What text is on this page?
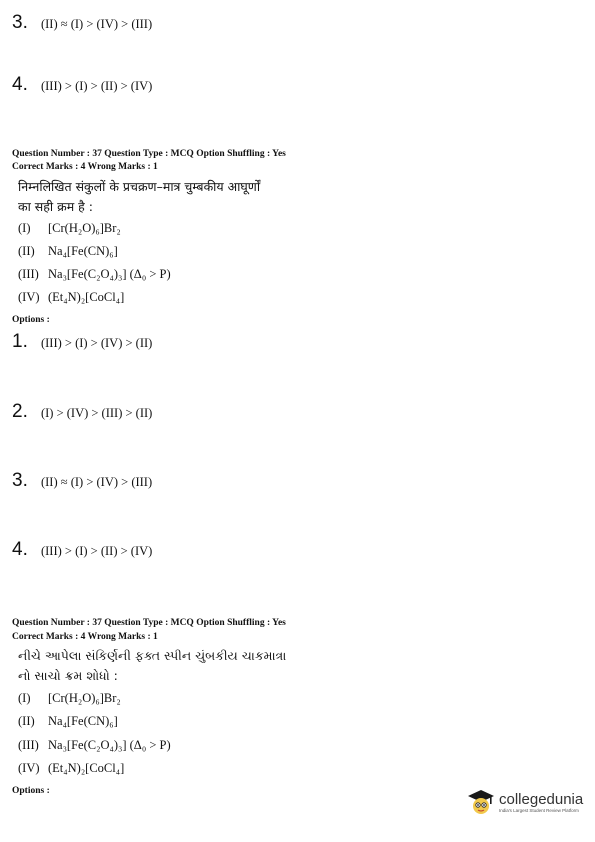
3. (II) ≈ (I) > (IV) > (III)
4. (III) > (I) > (II) > (IV)
Question Number : 37 Question Type : MCQ Option Shuffling : Yes
Correct Marks : 4 Wrong Marks : 1
निम्नलिखित संकुलों के प्रचक्रण–मात्र चुम्बकीय आघूर्णों
का सही क्रम है :
(I) [Cr(H₂O)₆]Br₂
(II) Na₄[Fe(CN)₆]
(III) Na₃[Fe(C₂O₄)₃] (Δ₀ > P)
(IV) (Et₄N)₂[CoCl₄]
Options :
1. (III) > (I) > (IV) > (II)
2. (I) > (IV) > (III) > (II)
3. (II) ≈ (I) > (IV) > (III)
4. (III) > (I) > (II) > (IV)
Question Number : 37 Question Type : MCQ Option Shuffling : Yes
Correct Marks : 4 Wrong Marks : 1
નીચે આપેલા સંકિર્ણની ફક્ત સ્પીન ચુંબકીય ચાકમાત્રા
નો સાચો ક્રમ શોધો :
(I) [Cr(H₂O)₆]Br₂
(II) Na₄[Fe(CN)₆]
(III) Na₃[Fe(C₂O₄)₃] (Δ₀ > P)
(IV) (Et₄N)₂[CoCl₄]
Options :	collegedunia
India's Largest Student Review Platform
